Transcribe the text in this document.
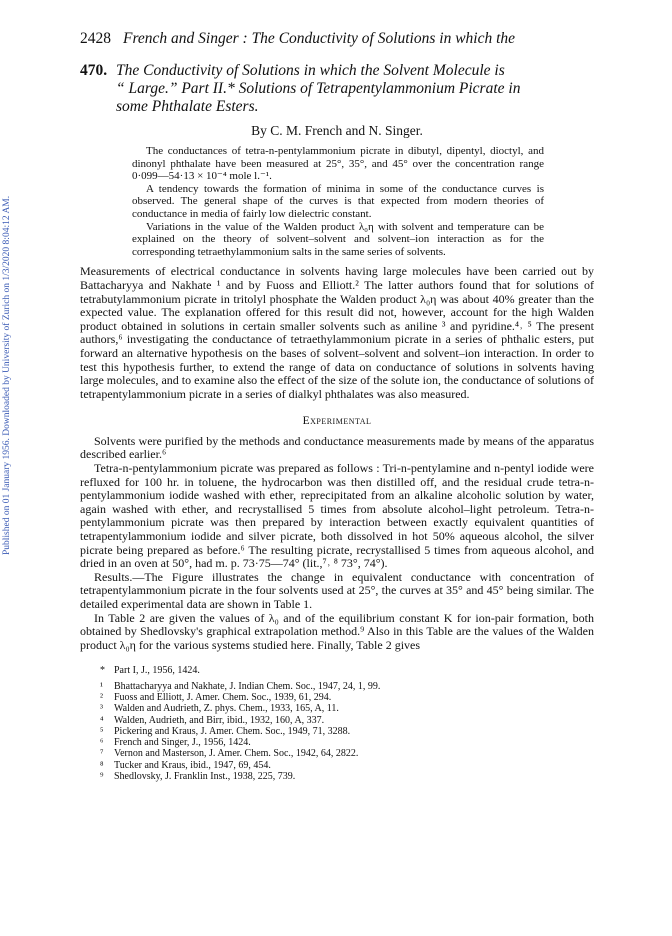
Published on 01 January 1956. Downloaded by University of Zurich on 1/3/2020 8:04:12 AM.
2428 French and Singer : The Conductivity of Solutions in which the
470. The Conductivity of Solutions in which the Solvent Molecule is
“ Large.” Part II.* Solutions of Tetrapentylammonium Picrate in
some Phthalate Esters.
By C. M. French and N. Singer.

The conductances of tetra-n-pentylammonium picrate in dibutyl, dipentyl, dioctyl, and dinonyl phthalate have been measured at 25°, 35°, and 45° over the concentration range 0·099—54·13 × 10⁻⁴ mole l.⁻¹.

A tendency towards the formation of minima in some of the conductance curves is observed. The general shape of the curves is that expected from modern theories of conductance in media of fairly low dielectric constant.

Variations in the value of the Walden product λ₀η with solvent and temperature can be explained on the theory of solvent–solvent and solvent–ion interaction as for the corresponding tetraethylammonium salts in the same series of solvents.

Measurements of electrical conductance in solvents having large molecules have been carried out by Battacharyya and Nakhate ¹ and by Fuoss and Elliott.² The latter authors found that for solutions of tetrabutylammonium picrate in tritolyl phosphate the Walden product λ₀η was about 40% greater than the expected value. The explanation offered for this result did not, however, account for the high Walden product obtained in solutions in certain smaller solvents such as aniline ³ and pyridine.⁴˒ ⁵ The present authors,⁶ investigating the conductance of tetraethylammonium picrate in a series of phthalic esters, put forward an alternative hypothesis on the bases of solvent–solvent and solvent–ion interaction. In order to test this hypothesis further, to extend the range of data on conductance of solutions in solvents having large molecules, and to examine also the effect of the size of the solute ion, the conductance of solutions of tetrapentylammonium picrate in a series of dialkyl phthalates was also measured.

Experimental

Solvents were purified by the methods and conductance measurements made by means of the apparatus described earlier.⁶

Tetra-n-pentylammonium picrate was prepared as follows : Tri-n-pentylamine and n-pentyl iodide were refluxed for 100 hr. in toluene, the hydrocarbon was then distilled off, and the residual crude tetra-n-pentylammonium iodide washed with ether, reprecipitated from an alkaline alcoholic solution by water, again washed with ether, and recrystallised 5 times from absolute alcohol–light petroleum. Tetra-n-pentylammonium picrate was then prepared by interaction between exactly equivalent quantities of tetrapentylammonium iodide and silver picrate, both dissolved in hot 50% aqueous alcohol, the silver picrate being prepared as before.⁶ The resulting picrate, recrystallised 5 times from aqueous alcohol, and dried in an oven at 50°, had m. p. 73·75—74° (lit.,⁷˒ ⁸ 73°, 74°).

Results.—The Figure illustrates the change in equivalent conductance with concentration of tetrapentylammonium picrate in the four solvents used at 25°, the curves at 35° and 45° being similar. The detailed experimental data are shown in Table 1.

In Table 2 are given the values of λ₀ and of the equilibrium constant K for ion-pair formation, both obtained by Shedlovsky's graphical extrapolation method.⁹ Also in this Table are the values of the Walden product λ₀η for the various systems studied here. Finally, Table 2 gives

* Part I, J., 1956, 1424.
¹	Bhattacharyya and Nakhate, J. Indian Chem. Soc., 1947, 24, 1, 99.
²	Fuoss and Elliott, J. Amer. Chem. Soc., 1939, 61, 294.
³	Walden and Audrieth, Z. phys. Chem., 1933, 165, A, 11.
⁴	Walden, Audrieth, and Birr, ibid., 1932, 160, A, 337.
⁵	Pickering and Kraus, J. Amer. Chem. Soc., 1949, 71, 3288.
⁶	French and Singer, J., 1956, 1424.
⁷	Vernon and Masterson, J. Amer. Chem. Soc., 1942, 64, 2822.
⁸	Tucker and Kraus, ibid., 1947, 69, 454.
⁹	Shedlovsky, J. Franklin Inst., 1938, 225, 739.
